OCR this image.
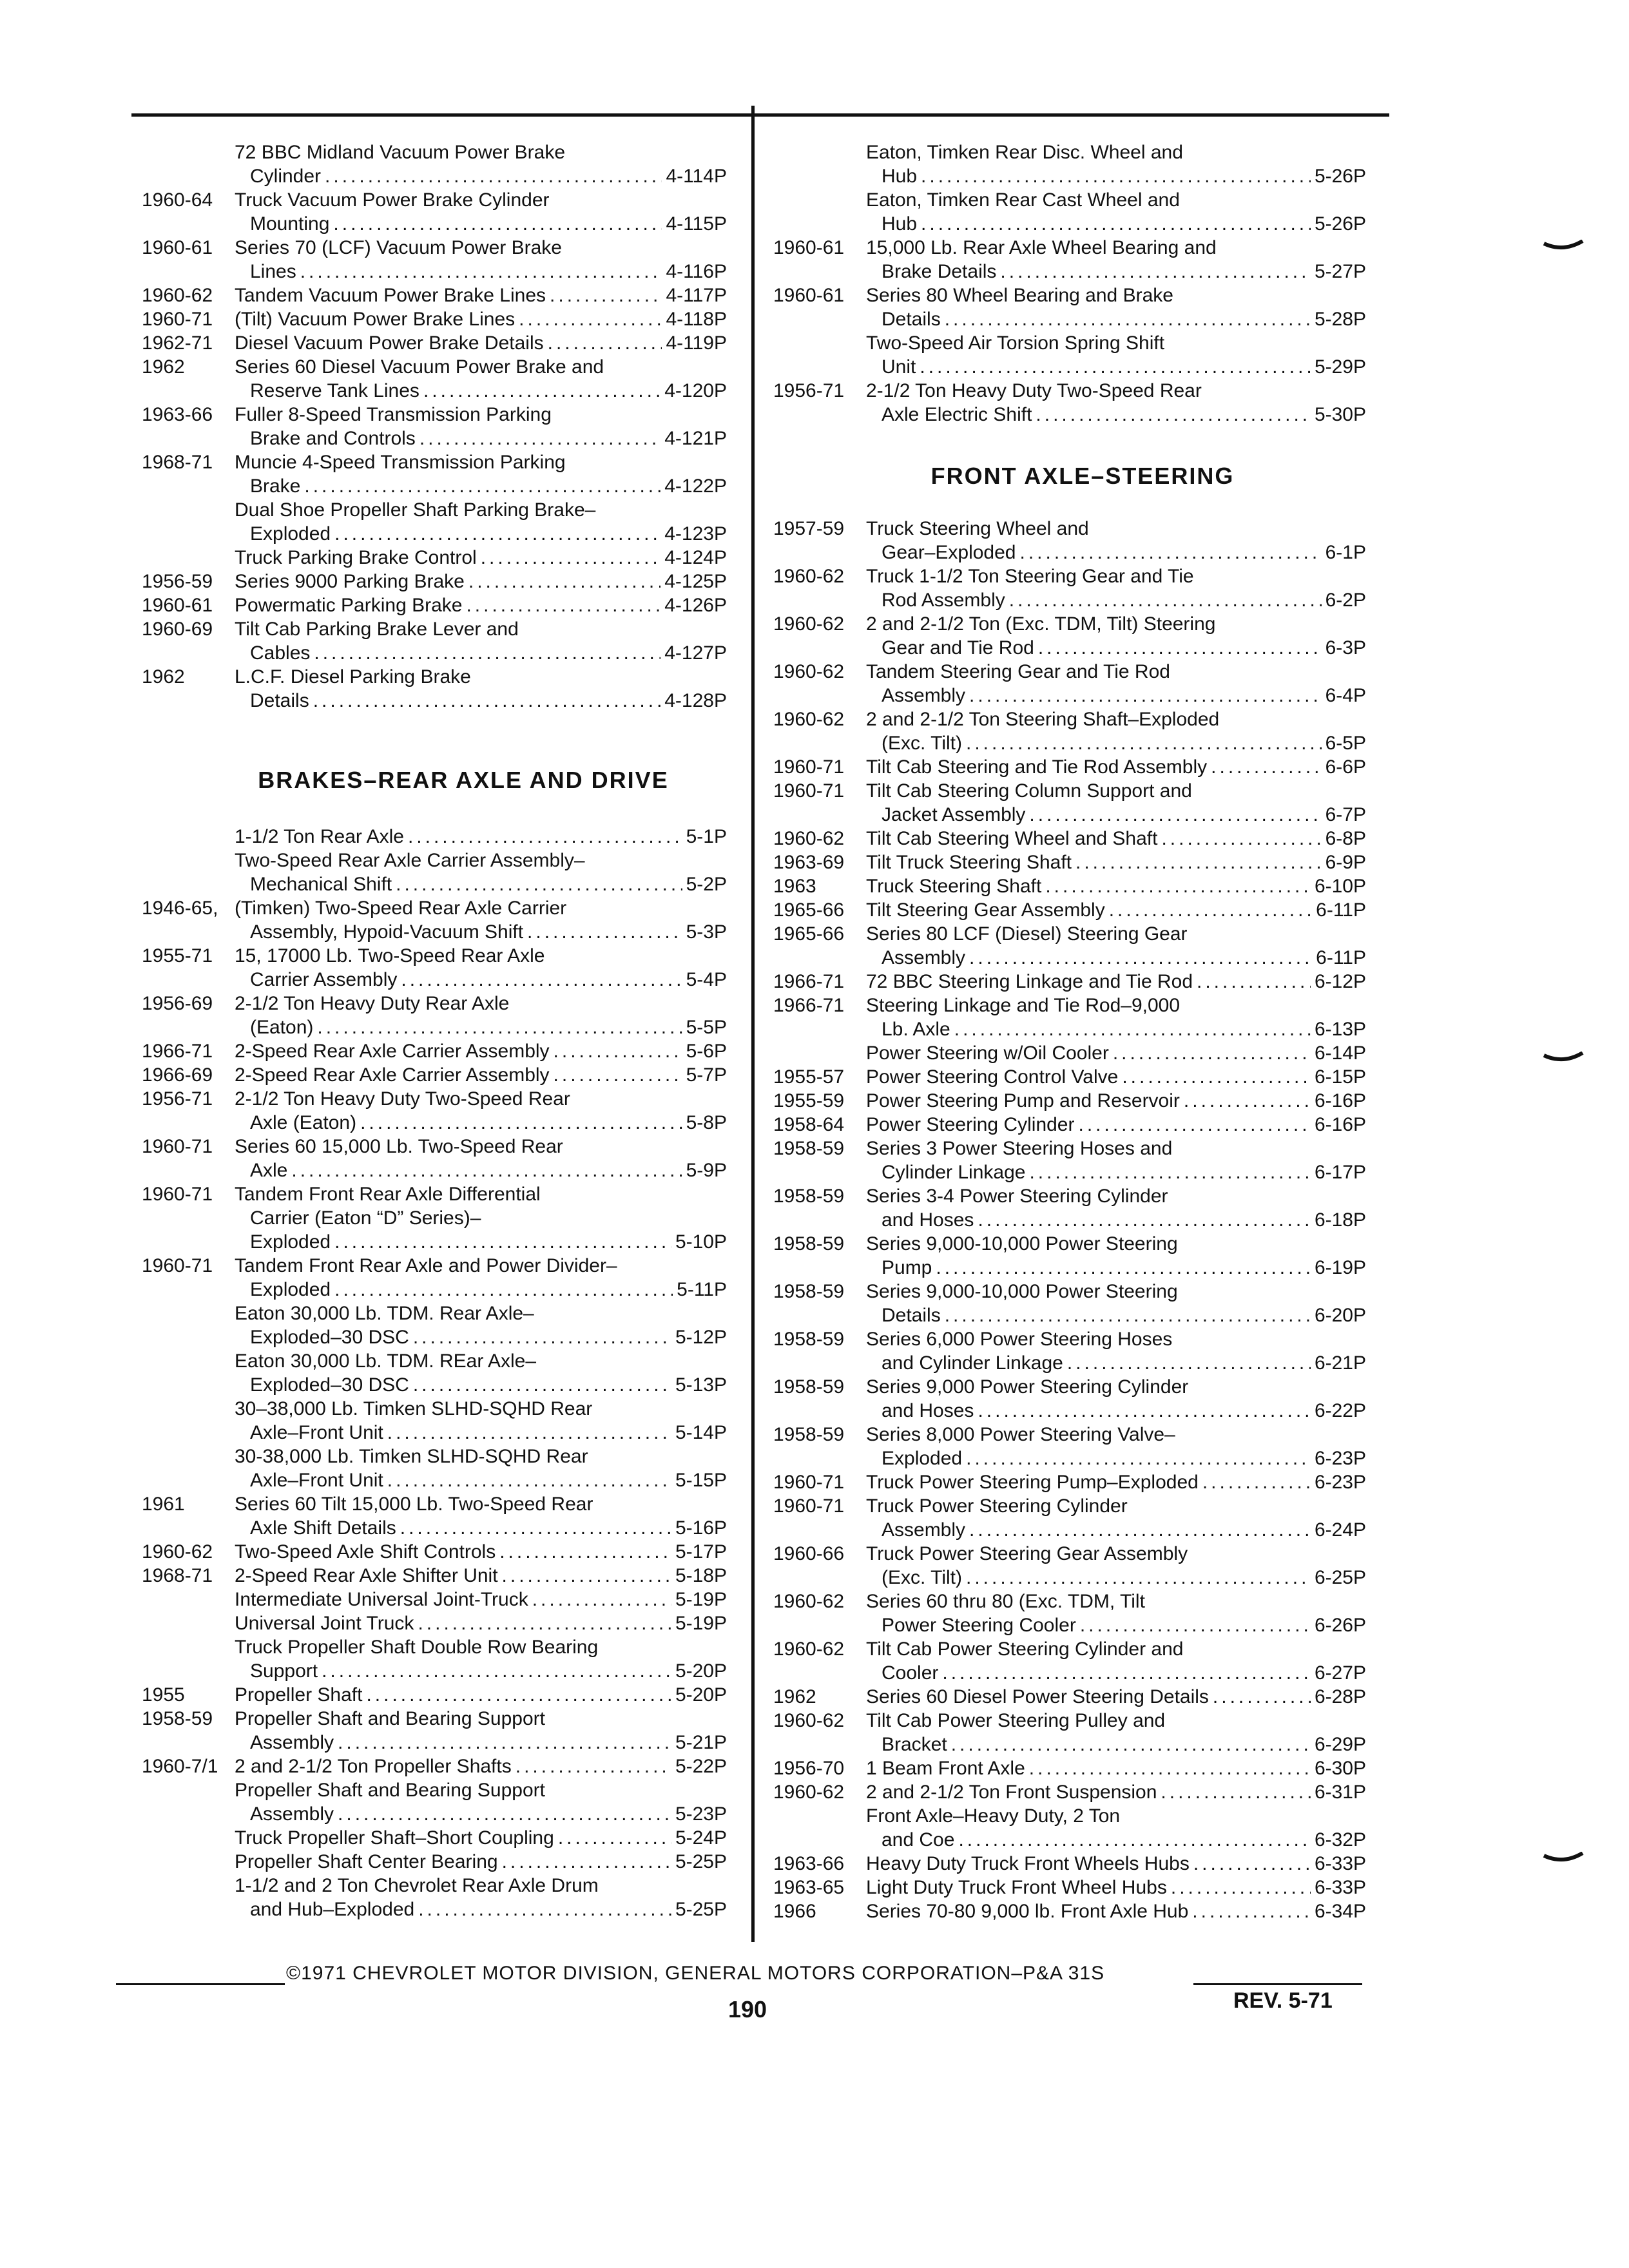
72 BBC Midland Vacuum Power Brake
Cylinder .....	4-114P
1960-64	Truck Vacuum Power Brake Cylinder
Mounting .....	4-115P
1960-61	Series 70 (LCF) Vacuum Power Brake
Lines .....	4-116P
1960-62	Tandem Vacuum Power Brake Lines .....	4-117P
1960-71	(Tilt) Vacuum Power Brake Lines .....	4-118P
1962-71	Diesel Vacuum Power Brake Details .....	4-119P
1962	Series 60 Diesel Vacuum Power Brake and
Reserve Tank Lines .....	4-120P
1963-66	Fuller 8-Speed Transmission Parking
Brake and Controls .....	4-121P
1968-71	Muncie 4-Speed Transmission Parking
Brake .....	4-122P
Dual Shoe Propeller Shaft Parking Brake–
Exploded .....	4-123P
Truck Parking Brake Control .....	4-124P
1956-59	Series 9000 Parking Brake .....	4-125P
1960-61	Powermatic Parking Brake .....	4-126P
1960-69	Tilt Cab Parking Brake Lever and
Cables .....	4-127P
1962	L.C.F. Diesel Parking Brake
Details .....	4-128P
BRAKES–REAR AXLE AND DRIVE
1-1/2 Ton Rear Axle .....	5-1P
Two-Speed Rear Axle Carrier Assembly–
Mechanical Shift .....	5-2P
1946-65, (Timken) Two-Speed Rear Axle Carrier
Assembly, Hypoid-Vacuum Shift .....	5-3P
1955-71	15, 17000 Lb. Two-Speed Rear Axle
Carrier Assembly .....	5-4P
1956-69	2-1/2 Ton Heavy Duty Rear Axle
(Eaton) .....	5-5P
1966-71	2-Speed Rear Axle Carrier Assembly .....	5-6P
1966-69	2-Speed Rear Axle Carrier Assembly .....	5-7P
1956-71	2-1/2 Ton Heavy Duty Two-Speed Rear
Axle (Eaton) .....	5-8P
1960-71	Series 60 15,000 Lb. Two-Speed Rear
Axle .....	5-9P
1960-71	Tandem Front Rear Axle Differential
Carrier (Eaton “D” Series)–
Exploded .....	5-10P
1960-71	Tandem Front Rear Axle and Power Divider–
Exploded .....	5-11P
Eaton 30,000 Lb. TDM. Rear Axle–
Exploded–30 DSC .....	5-12P
Eaton 30,000 Lb. TDM. REar Axle–
Exploded–30 DSC .....	5-13P
30–38,000 Lb. Timken SLHD-SQHD Rear
Axle–Front Unit .....	5-14P
30-38,000 Lb. Timken SLHD-SQHD Rear
Axle–Front Unit .....	5-15P
1961	Series 60 Tilt 15,000 Lb. Two-Speed Rear
Axle Shift Details .....	5-16P
1960-62	Two-Speed Axle Shift Controls .....	5-17P
1968-71	2-Speed Rear Axle Shifter Unit .....	5-18P
Intermediate Universal Joint-Truck .....	5-19P
Universal Joint Truck .....	5-19P
Truck Propeller Shaft Double Row Bearing
Support .....	5-20P
1955	Propeller Shaft .....	5-20P
1958-59	Propeller Shaft and Bearing Support
Assembly .....	5-21P
1960-7/1 2 and 2-1/2 Ton Propeller Shafts .....	5-22P
Propeller Shaft and Bearing Support
Assembly .....	5-23P
Truck Propeller Shaft–Short Coupling .....	5-24P
Propeller Shaft Center Bearing .....	5-25P
1-1/2 and 2 Ton Chevrolet Rear Axle Drum
and Hub–Exploded .....	5-25P
Eaton, Timken Rear Disc. Wheel and
Hub .....	5-26P
Eaton, Timken Rear Cast Wheel and
Hub .....	5-26P
1960-61	15,000 Lb. Rear Axle Wheel Bearing and
Brake Details .....	5-27P
1960-61	Series 80 Wheel Bearing and Brake
Details .....	5-28P
Two-Speed Air Torsion Spring Shift
Unit .....	5-29P
1956-71	2-1/2 Ton Heavy Duty Two-Speed Rear
Axle Electric Shift .....	5-30P
FRONT AXLE–STEERING
1957-59	Truck Steering Wheel and
Gear–Exploded .....	6-1P
1960-62	Truck 1-1/2 Ton Steering Gear and Tie
Rod Assembly .....	6-2P
1960-62	2 and 2-1/2 Ton (Exc. TDM, Tilt) Steering
Gear and Tie Rod .....	6-3P
1960-62	Tandem Steering Gear and Tie Rod
Assembly .....	6-4P
1960-62	2 and 2-1/2 Ton Steering Shaft–Exploded
(Exc. Tilt) .....	6-5P
1960-71	Tilt Cab Steering and Tie Rod Assembly .....	6-6P
1960-71	Tilt Cab Steering Column Support and
Jacket Assembly .....	6-7P
1960-62	Tilt Cab Steering Wheel and Shaft .....	6-8P
1963-69	Tilt Truck Steering Shaft .....	6-9P
1963	Truck Steering Shaft .....	6-10P
1965-66	Tilt Steering Gear Assembly .....	6-11P
1965-66	Series 80 LCF (Diesel) Steering Gear
Assembly .....	6-11P
1966-71	72 BBC Steering Linkage and Tie Rod .....	6-12P
1966-71	Steering Linkage and Tie Rod–9,000
Lb. Axle .....	6-13P
Power Steering w/Oil Cooler .....	6-14P
1955-57	Power Steering Control Valve .....	6-15P
1955-59	Power Steering Pump and Reservoir .....	6-16P
1958-64	Power Steering Cylinder .....	6-16P
1958-59	Series 3 Power Steering Hoses and
Cylinder Linkage .....	6-17P
1958-59	Series 3-4 Power Steering Cylinder
and Hoses .....	6-18P
1958-59	Series 9,000-10,000 Power Steering
Pump .....	6-19P
1958-59	Series 9,000-10,000 Power Steering
Details .....	6-20P
1958-59	Series 6,000 Power Steering Hoses
and Cylinder Linkage .....	6-21P
1958-59	Series 9,000 Power Steering Cylinder
and Hoses .....	6-22P
1958-59	Series 8,000 Power Steering Valve–
Exploded .....	6-23P
1960-71	Truck Power Steering Pump–Exploded .....	6-23P
1960-71	Truck Power Steering Cylinder
Assembly .....	6-24P
1960-66	Truck Power Steering Gear Assembly
(Exc. Tilt) .....	6-25P
1960-62	Series 60 thru 80 (Exc. TDM, Tilt
Power Steering Cooler .....	6-26P
1960-62	Tilt Cab Power Steering Cylinder and
Cooler .....	6-27P
1962	Series 60 Diesel Power Steering Details .....	6-28P
1960-62	Tilt Cab Power Steering Pulley and
Bracket .....	6-29P
1956-70	1 Beam Front Axle .....	6-30P
1960-62	2 and 2-1/2 Ton Front Suspension .....	6-31P
Front Axle–Heavy Duty, 2 Ton
and Coe .....	6-32P
1963-66	Heavy Duty Truck Front Wheels Hubs .....	6-33P
1963-65	Light Duty Truck Front Wheel Hubs .....	6-33P
1966	Series 70-80 9,000 lb. Front Axle Hub .....	6-34P
©1971 CHEVROLET MOTOR DIVISION, GENERAL MOTORS CORPORATION–P&A 31S
190	REV. 5-71
